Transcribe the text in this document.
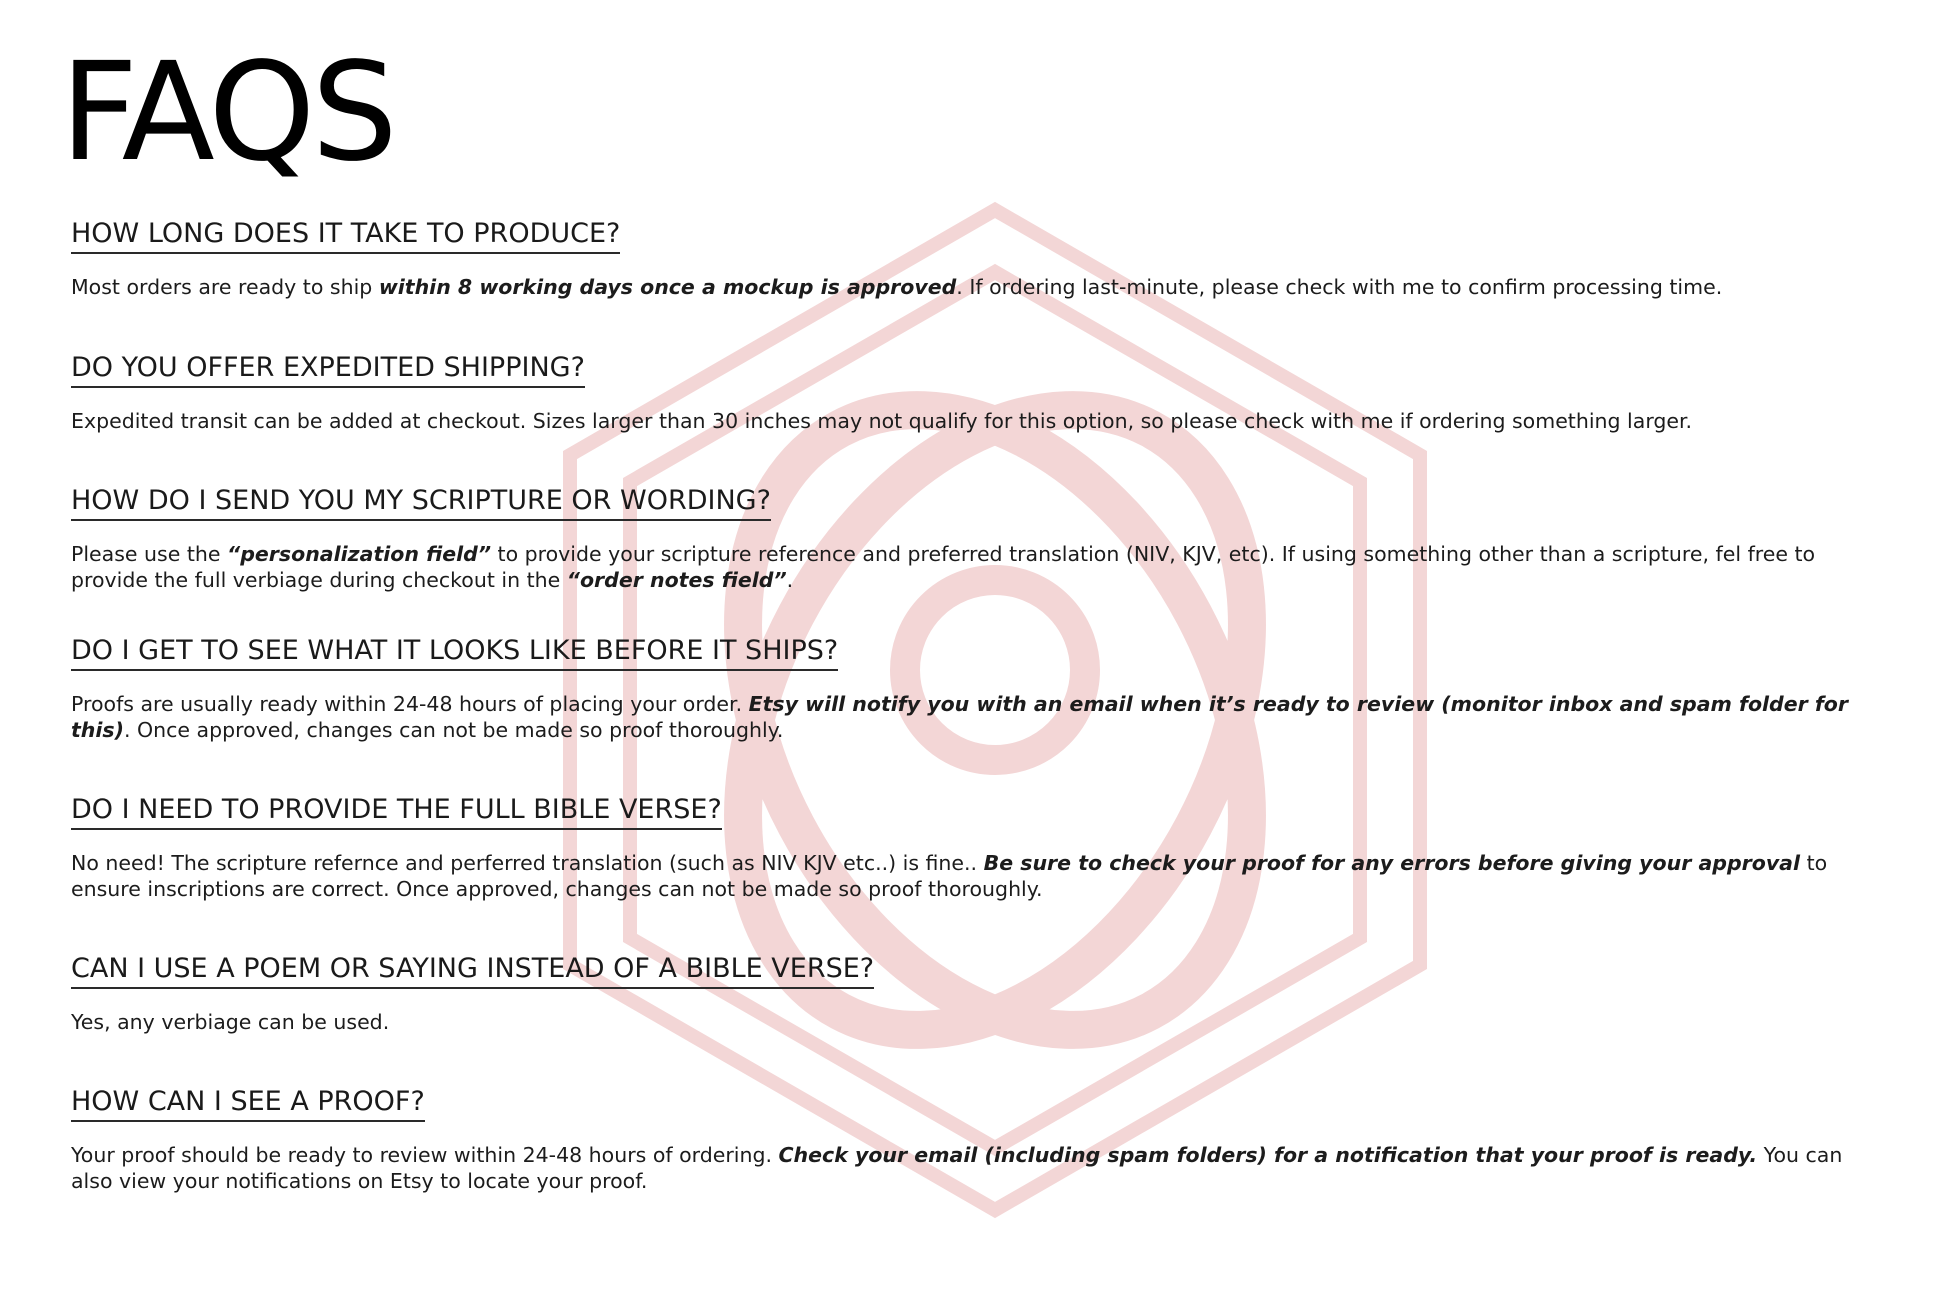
FAQS
HOW LONG DOES IT TAKE TO PRODUCE?

Most orders are ready to ship within 8 working days once a mockup is approved. If ordering last-minute, please check with me to confirm processing time.

DO YOU OFFER EXPEDITED SHIPPING?

Expedited transit can be added at checkout. Sizes larger than 30 inches may not qualify for this option, so please check with me if ordering something larger.

HOW DO I SEND YOU MY SCRIPTURE OR WORDING?

Please use the “personalization field” to provide your scripture reference and preferred translation (NIV, KJV, etc). If using something other than a scripture, fel free to provide the full verbiage during checkout in the “order notes field”.

DO I GET TO SEE WHAT IT LOOKS LIKE BEFORE IT SHIPS?

Proofs are usually ready within 24-48 hours of placing your order. Etsy will notify you with an email when it’s ready to review (monitor inbox and spam folder for this). Once approved, changes can not be made so proof thoroughly.

DO I NEED TO PROVIDE THE FULL BIBLE VERSE?

No need! The scripture refernce and perferred translation (such as NIV KJV etc..) is fine.. Be sure to check your proof for any errors before giving your approval to ensure inscriptions are correct. Once approved, changes can not be made so proof thoroughly.

CAN I USE A POEM OR SAYING INSTEAD OF A BIBLE VERSE?

Yes, any verbiage can be used.

HOW CAN I SEE A PROOF?

Your proof should be ready to review within 24-48 hours of ordering. Check your email (including spam folders) for a notification that your proof is ready. You can also view your notifications on Etsy to locate your proof.
